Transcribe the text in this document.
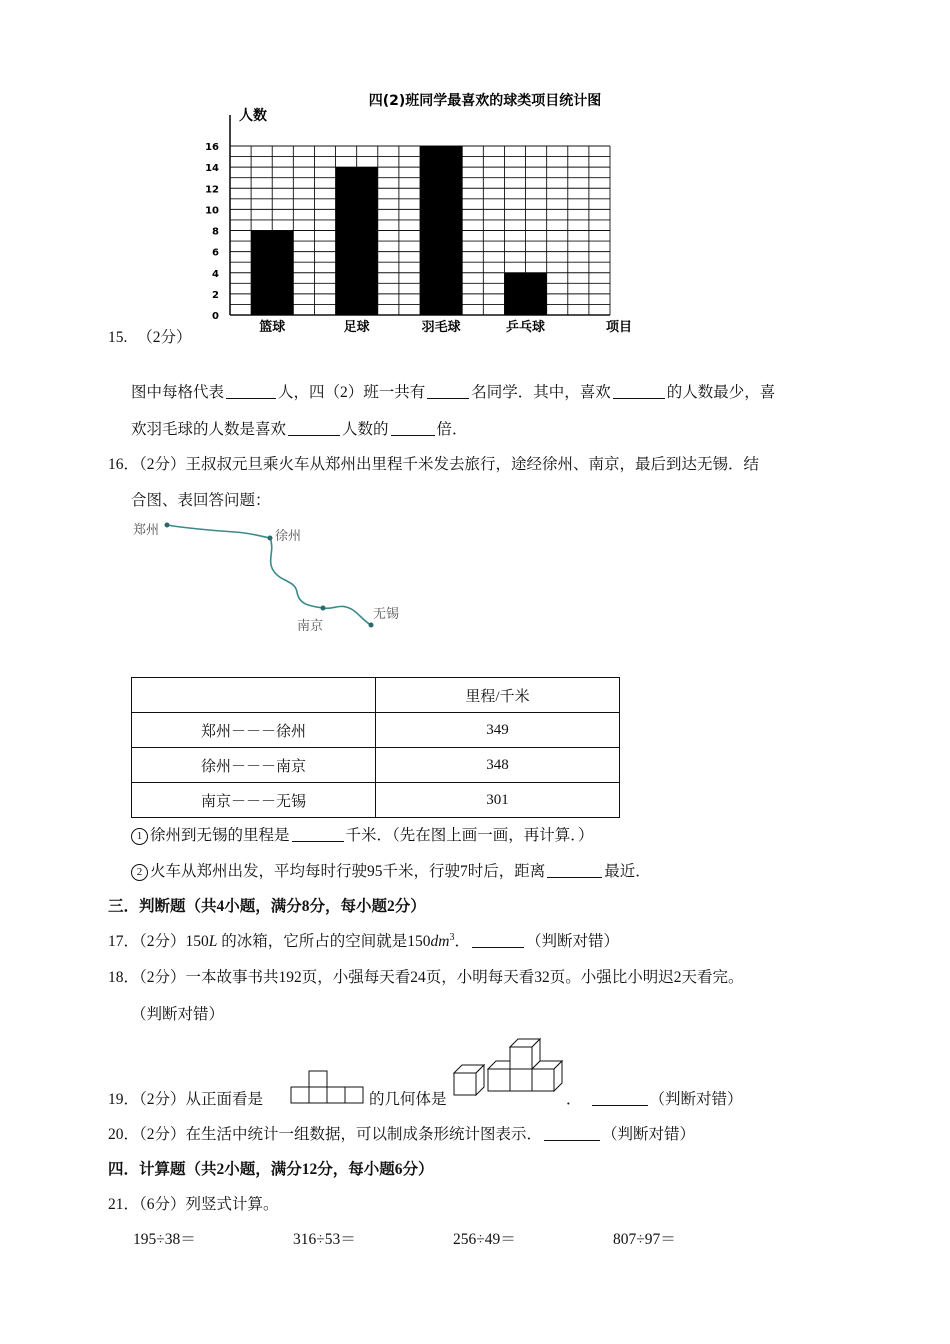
四(2)班同学最喜欢的球类项目统计图
人数
项目
0
2
4
6
8
10
12
14
16
篮球	足球	羽毛球	乒乓球
15. （2分）
图中每格代表	人，四（2）班一共有	名同学．其中，喜欢	的人数最少，喜
欢羽毛球的人数是喜欢	人数的	倍．
16．（2分）王叔叔元旦乘火车从郑州出里程千米发去旅行，途经徐州、南京，最后到达无锡．结
合图、表回答问题：
郑州	徐州
南京
无锡
	里程/千米
郑州－－－徐州	349
徐州－－－南京	348
南京－－－无锡	301
1 徐州到无锡的里程是	千米．（先在图上画一画，再计算．）
2 火车从郑州出发，平均每时行驶95千米，行驶7时后，距离	最近．
三．判断题（共4小题，满分8分，每小题2分）
17．（2分）150L 的冰箱，它所占的空间就是$150dm^3$．	（判断对错）
18．（2分）一本故事书共192页，小强每天看24页，小明每天看32页。小强比小明迟2天看完。
（判断对错）
19．（2分）从正面看是	的几何体是	．	（判断对错）
20．（2分）在生活中统计一组数据，可以制成条形统计图表示．	（判断对错）
四．计算题（共2小题，满分12分，每小题6分）
21．（6分）列竖式计算。
195÷38＝	316÷53＝	256÷49＝	807÷97＝
